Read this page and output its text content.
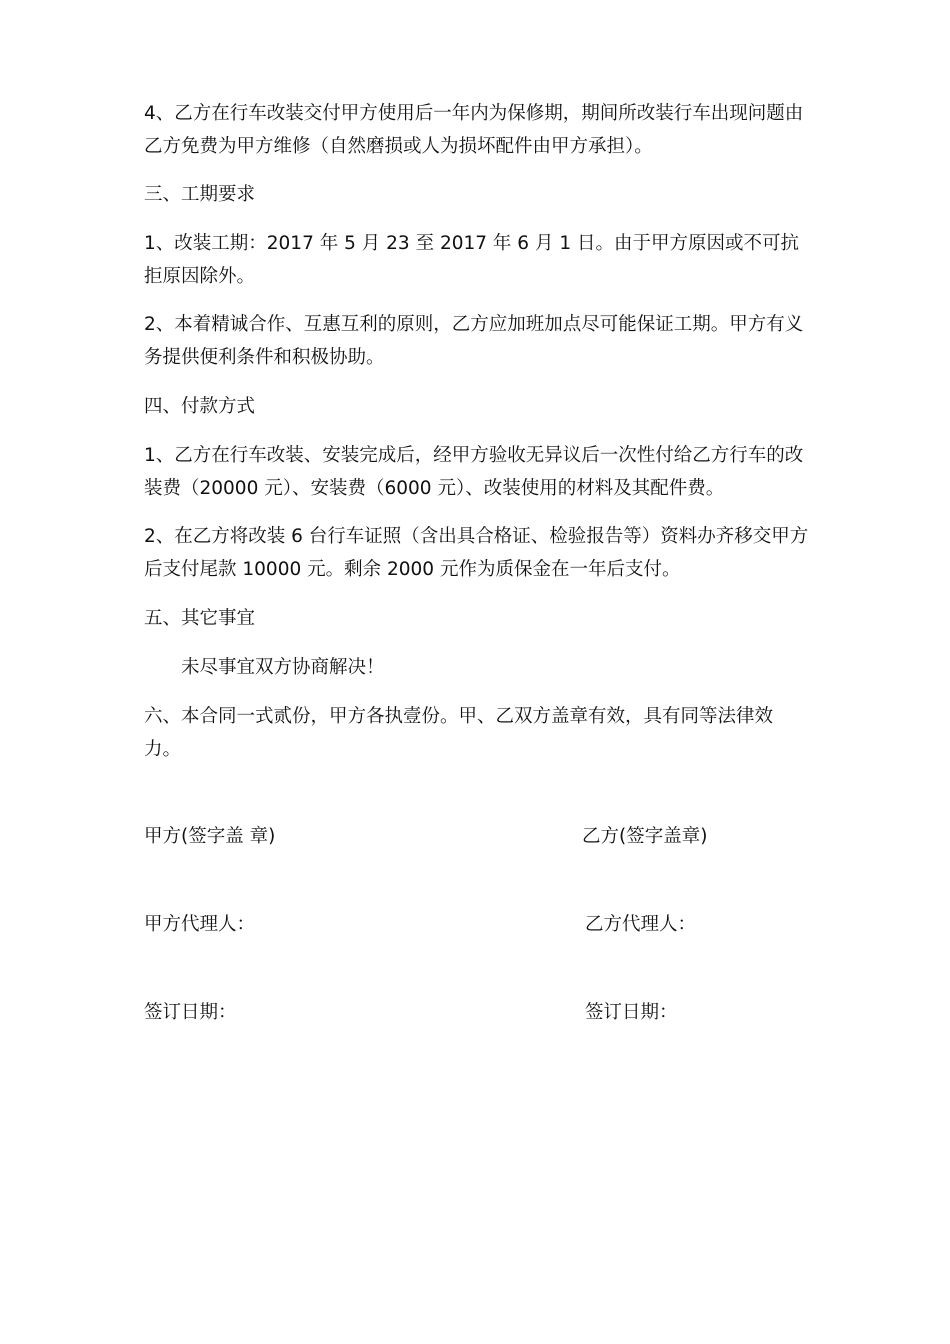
4、乙方在行车改装交付甲方使用后一年内为保修期，期间所改装行车出现问题由乙方免费为甲方维修（自然磨损或人为损坏配件由甲方承担）。

三、工期要求

1、改装工期：2017 年 5 月 23 至 2017 年 6 月 1 日。由于甲方原因或不可抗拒原因除外。

2、本着精诚合作、互惠互利的原则，乙方应加班加点尽可能保证工期。甲方有义务提供便利条件和积极协助。

四、付款方式

1、乙方在行车改装、安装完成后，经甲方验收无异议后一次性付给乙方行车的改装费（20000 元）、安装费（6000 元）、改装使用的材料及其配件费。

2、在乙方将改装 6 台行车证照（含出具合格证、检验报告等）资料办齐移交甲方后支付尾款 10000 元。剩余 2000 元作为质保金在一年后支付。

五、其它事宜

未尽事宜双方协商解决！

六、本合同一式贰份，甲方各执壹份。甲、乙双方盖章有效，具有同等法律效力。

甲方(签字盖 章)	乙方(签字盖章)
甲方代理人：	乙方代理人：
签订日期：	签订日期：
